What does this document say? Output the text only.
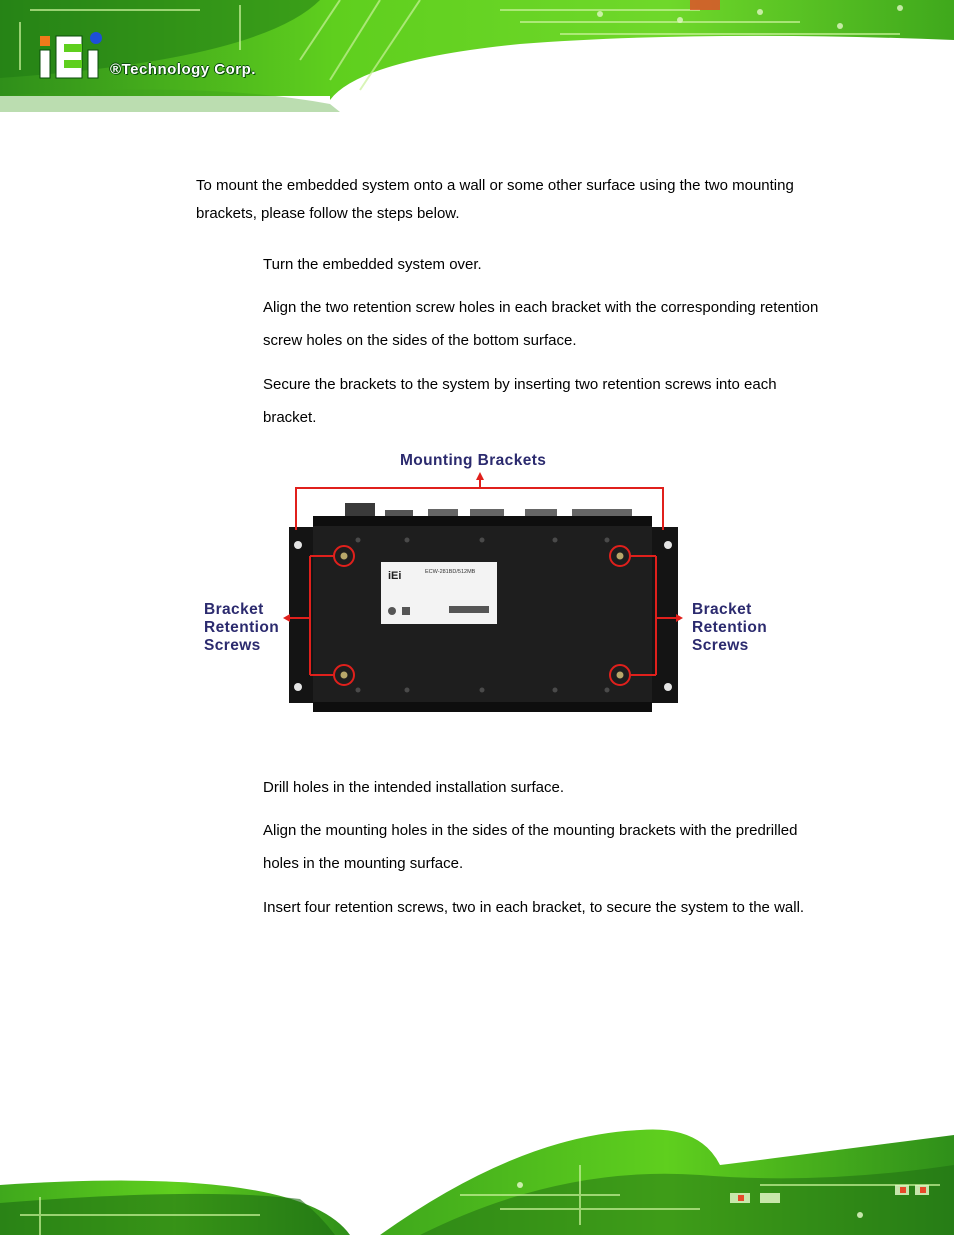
®Technology Corp.
To mount the embedded system onto a wall or some other surface using the two mounting brackets, please follow the steps below.
Turn the embedded system over.
Align the two retention screw holes in each bracket with the corresponding retention screw holes on the sides of the bottom surface.
Secure the brackets to the system by inserting two retention screws into each bracket.
Mounting Brackets
iEi	ECW-281BD/512MB
Bracket
Retention
Screws
Bracket
Retention
Screws
Drill holes in the intended installation surface.
Align the mounting holes in the sides of the mounting brackets with the predrilled holes in the mounting surface.
Insert four retention screws, two in each bracket, to secure the system to the wall.
